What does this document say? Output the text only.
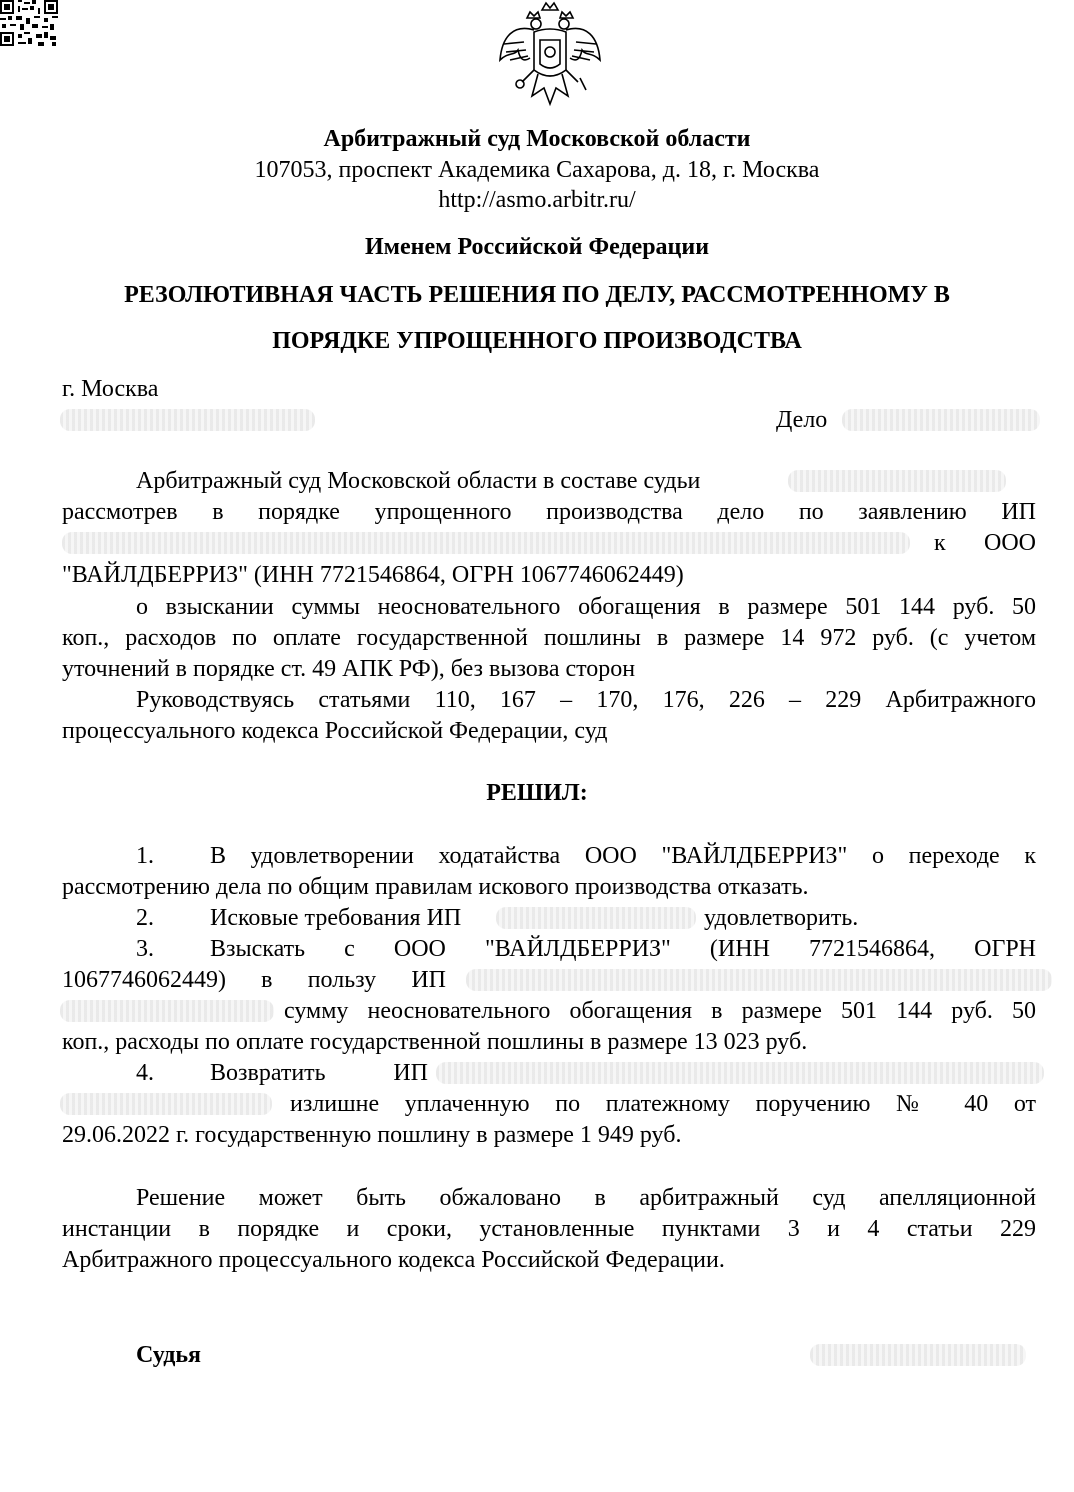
Арбитражный суд Московской области
107053, проспект Академика Сахарова, д. 18, г. Москва
http://asmo.arbitr.ru/
Именем Российской Федерации
РЕЗОЛЮТИВНАЯ ЧАСТЬ РЕШЕНИЯ ПО ДЕЛУ, РАССМОТРЕННОМУ В
ПОРЯДКЕ УПРОЩЕННОГО ПРОИЗВОДСТВА
г. Москва
Дело
Арбитражный суд Московской области в составе судьи
рассмотрев в порядке упрощенного производства дело по заявлению ИП
к ООО
"ВАЙЛДБЕРРИЗ" (ИНН 7721546864, ОГРН 1067746062449)
о взыскании суммы неосновательного обогащения в размере 501 144 руб. 50
коп., расходов по оплате государственной пошлины в размере 14 972 руб. (с учетом
уточнений в порядке ст. 49 АПК РФ), без вызова сторон
Руководствуясь статьями 110, 167 – 170, 176, 226 – 229 Арбитражного
процессуального кодекса Российской Федерации, суд
РЕШИЛ:
1. В удовлетворении ходатайства ООО "ВАЙЛДБЕРРИЗ" о переходе к
рассмотрению дела по общим правилам искового производства отказать.
2. Исковые требования ИП	удовлетворить.
3. Взыскать с ООО "ВАЙЛДБЕРРИЗ" (ИНН 7721546864, ОГРН
1067746062449) в пользу ИП
сумму неосновательного обогащения в размере 501 144 руб. 50
коп., расходы по оплате государственной пошлины в размере 13 023 руб.
4. Возвратить ИП
излишне уплаченную по платежному поручению № 40 от
29.06.2022 г. государственную пошлину в размере 1 949 руб.
Решение может быть обжаловано в арбитражный суд апелляционной
инстанции в порядке и сроки, установленные пунктами 3 и 4 статьи 229
Арбитражного процессуального кодекса Российской Федерации.
Судья
